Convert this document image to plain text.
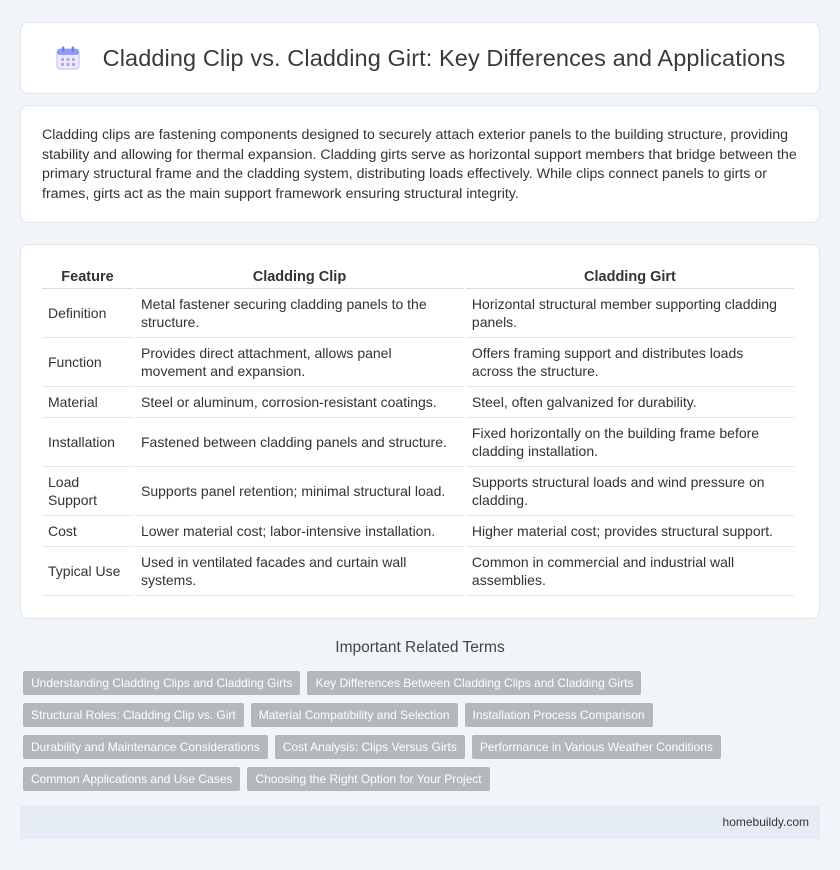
Cladding Clip vs. Cladding Girt: Key Differences and Applications

Cladding clips are fastening components designed to securely attach exterior panels to the building structure, providing stability and allowing for thermal expansion. Cladding girts serve as horizontal support members that bridge between the primary structural frame and the cladding system, distributing loads effectively. While clips connect panels to girts or frames, girts act as the main support framework ensuring structural integrity.

Feature	Cladding Clip	Cladding Girt
Definition	Metal fastener securing cladding panels to the structure.	Horizontal structural member supporting cladding panels.
Function	Provides direct attachment, allows panel movement and expansion.	Offers framing support and distributes loads across the structure.
Material	Steel or aluminum, corrosion-resistant coatings.	Steel, often galvanized for durability.
Installation	Fastened between cladding panels and structure.	Fixed horizontally on the building frame before cladding installation.
Load Support	Supports panel retention; minimal structural load.	Supports structural loads and wind pressure on cladding.
Cost	Lower material cost; labor-intensive installation.	Higher material cost; provides structural support.
Typical Use	Used in ventilated facades and curtain wall systems.	Common in commercial and industrial wall assemblies.
Important Related Terms
Understanding Cladding Clips and Cladding Girts	Key Differences Between Cladding Clips and Cladding Girts
Structural Roles: Cladding Clip vs. Girt	Material Compatibility and Selection	Installation Process Comparison
Durability and Maintenance Considerations	Cost Analysis: Clips Versus Girts	Performance in Various Weather Conditions
Common Applications and Use Cases	Choosing the Right Option for Your Project
homebuildy.com
